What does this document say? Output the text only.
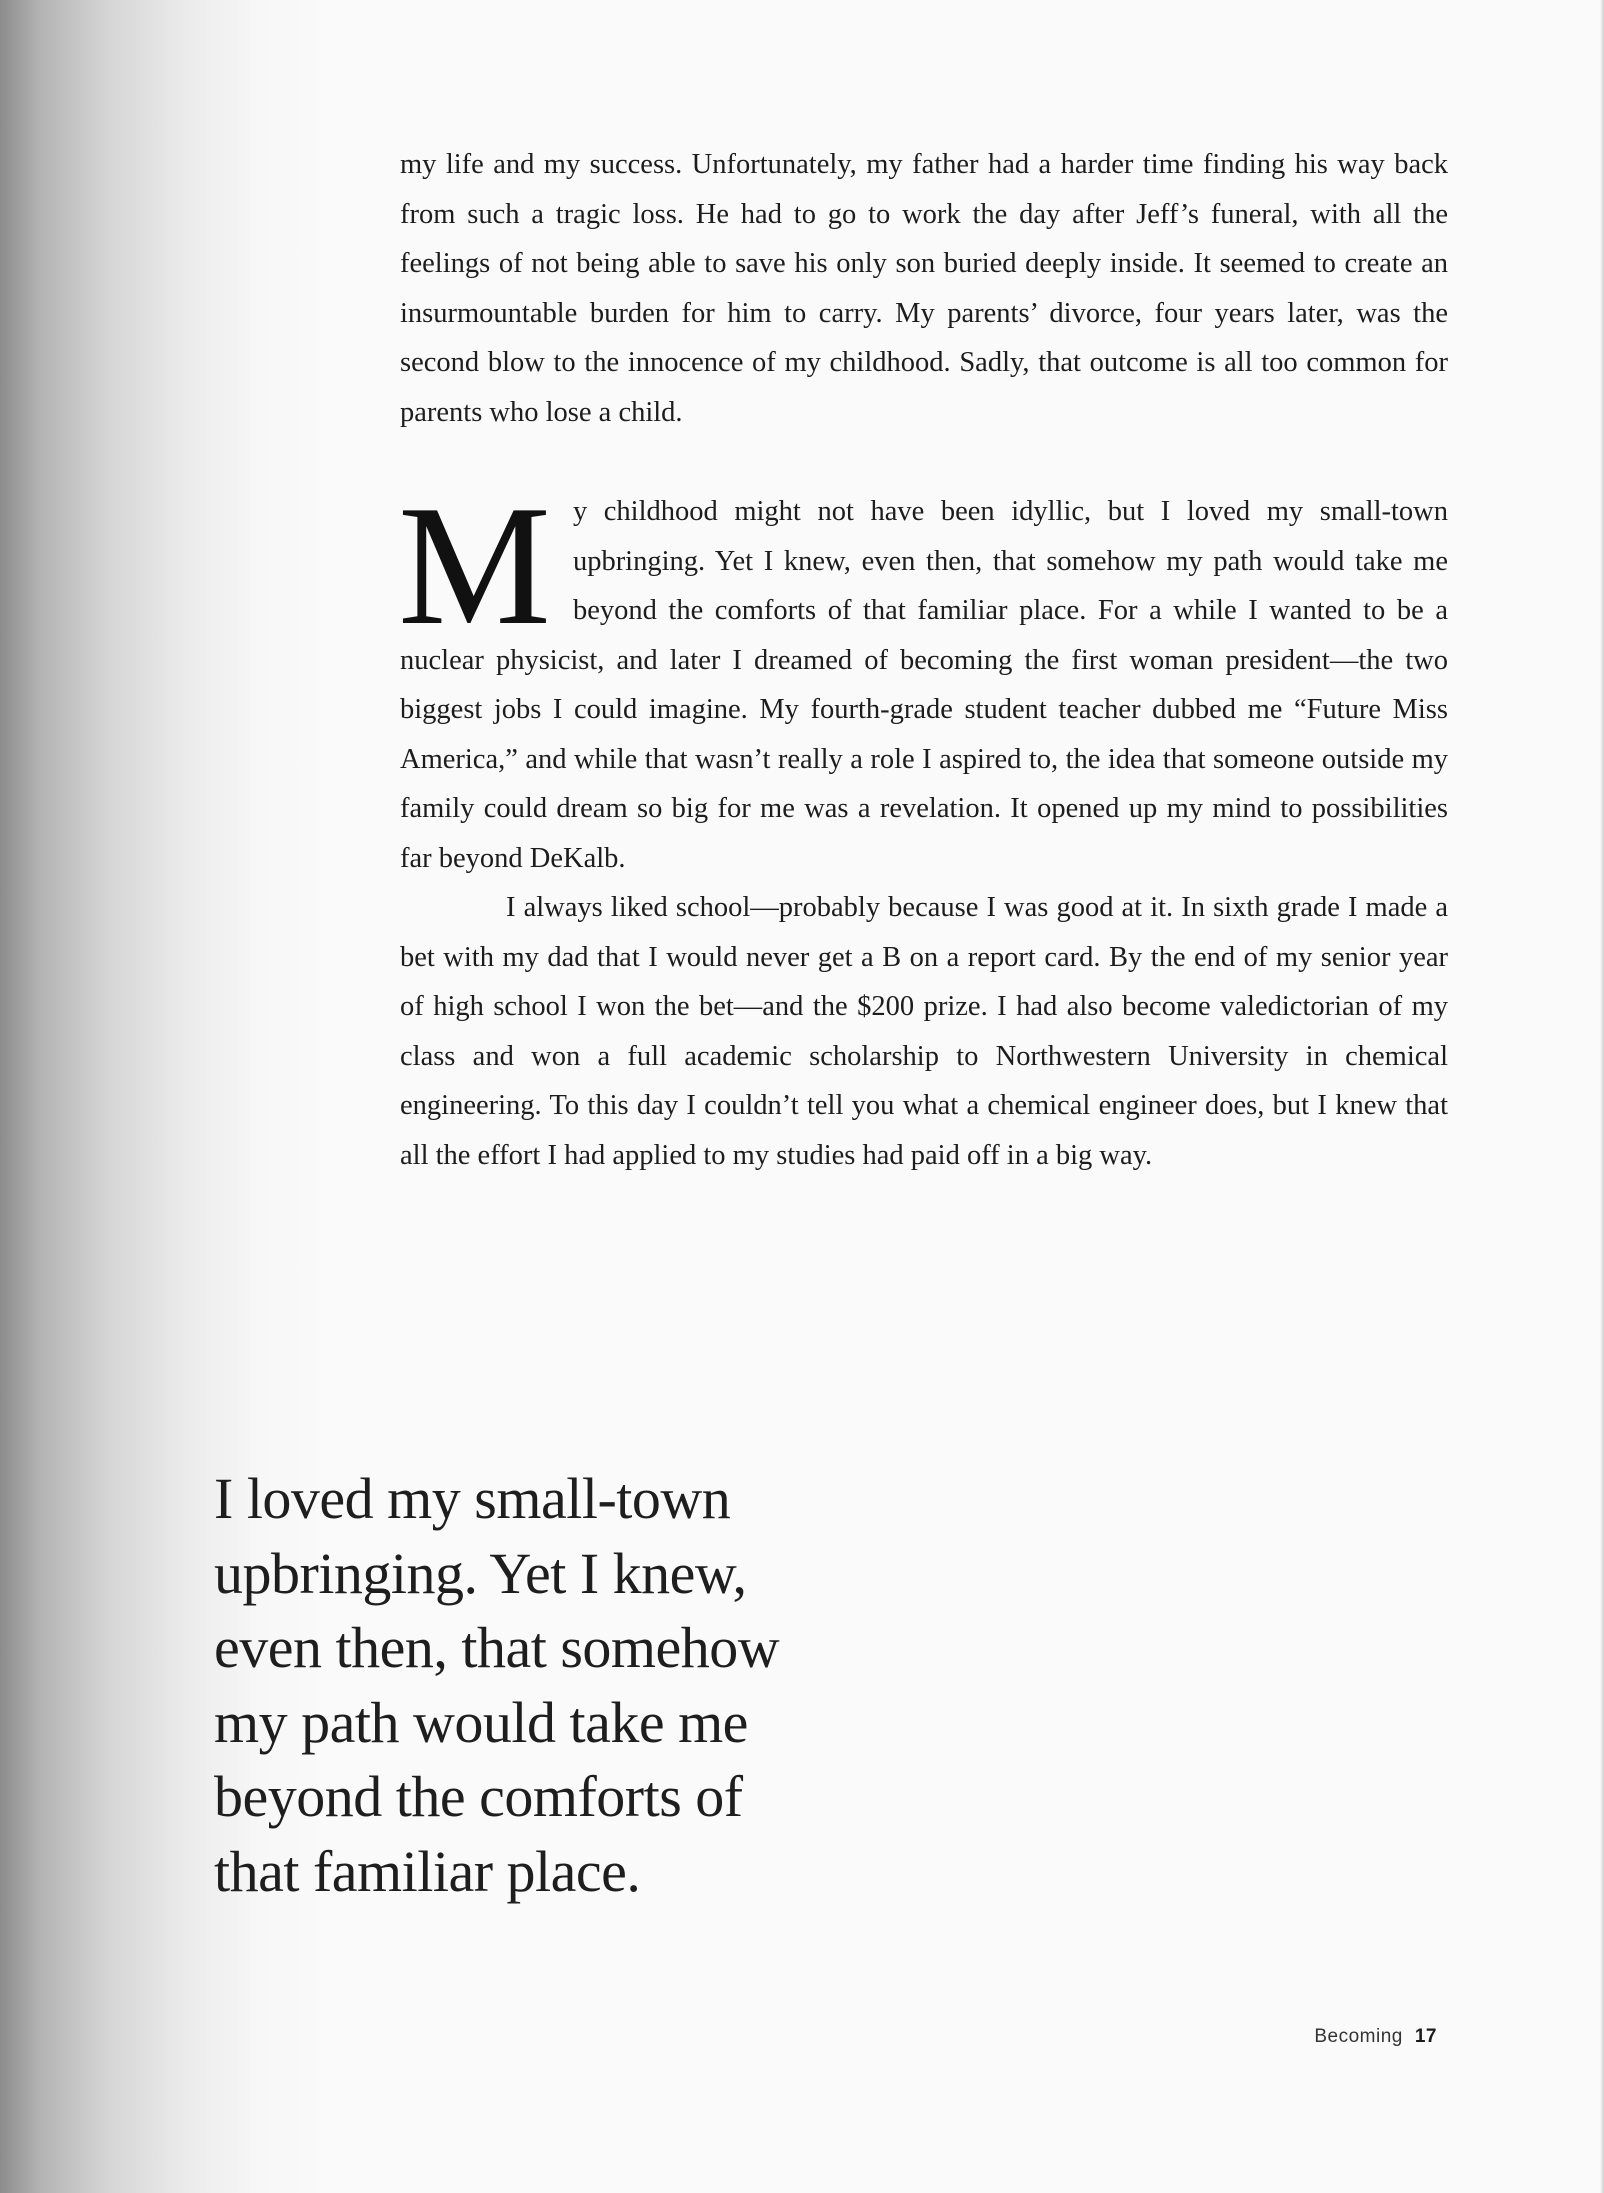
my life and my success. Unfortunately, my father had a harder time finding his way back from such a tragic loss. He had to go to work the day after Jeff’s funeral, with all the feelings of not being able to save his only son buried deeply inside. It seemed to create an insurmountable burden for him to carry. My parents’ divorce, four years later, was the second blow to the innocence of my childhood. Sadly, that outcome is all too common for parents who lose a child.

My childhood might not have been idyllic, but I loved my small-town upbringing. Yet I knew, even then, that somehow my path would take me beyond the comforts of that familiar place. For a while I wanted to be a nuclear physicist, and later I dreamed of becoming the first woman president—the two biggest jobs I could imagine. My fourth-grade student teacher dubbed me “Future Miss America,” and while that wasn’t really a role I aspired to, the idea that someone outside my family could dream so big for me was a revelation. It opened up my mind to possibilities far beyond DeKalb.

I always liked school—probably because I was good at it. In sixth grade I made a bet with my dad that I would never get a B on a report card. By the end of my senior year of high school I won the bet—and the $200 prize. I had also become valedictorian of my class and won a full academic scholarship to Northwestern University in chemical engineering. To this day I couldn’t tell you what a chemical engineer does, but I knew that all the effort I had applied to my studies had paid off in a big way.

I loved my small-town
upbringing. Yet I knew,
even then, that somehow
my path would take me
beyond the comforts of
that familiar place.
Becoming 17
